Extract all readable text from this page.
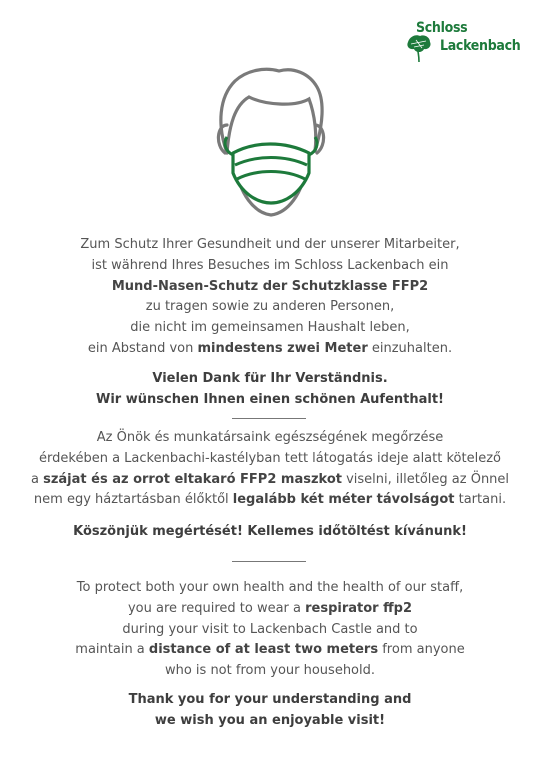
Schloss
Lackenbach
Zum Schutz Ihrer Gesundheit und der unserer Mitarbeiter,
ist während Ihres Besuches im Schloss Lackenbach ein
Mund-Nasen-Schutz der Schutzklasse FFP2
zu tragen sowie zu anderen Personen,
die nicht im gemeinsamen Haushalt leben,
ein Abstand von mindestens zwei Meter einzuhalten.

Vielen Dank für Ihr Verständnis.

Wir wünschen Ihnen einen schönen Aufenthalt!

Az Önök és munkatársaink egészségének megőrzése
érdekében a Lackenbachi-kastélyban tett látogatás ideje alatt kötelező
a szájat és az orrot eltakaró FFP2 maszkot viselni, illetőleg az Önnel
nem egy háztartásban élőktől legalább két méter távolságot tartani.

Köszönjük megértését! Kellemes időtöltést kívánunk!

To protect both your own health and the health of our staff,
you are required to wear a respirator ffp2
during your visit to Lackenbach Castle and to
maintain a distance of at least two meters from anyone
who is not from your household.

Thank you for your understanding and

we wish you an enjoyable visit!
